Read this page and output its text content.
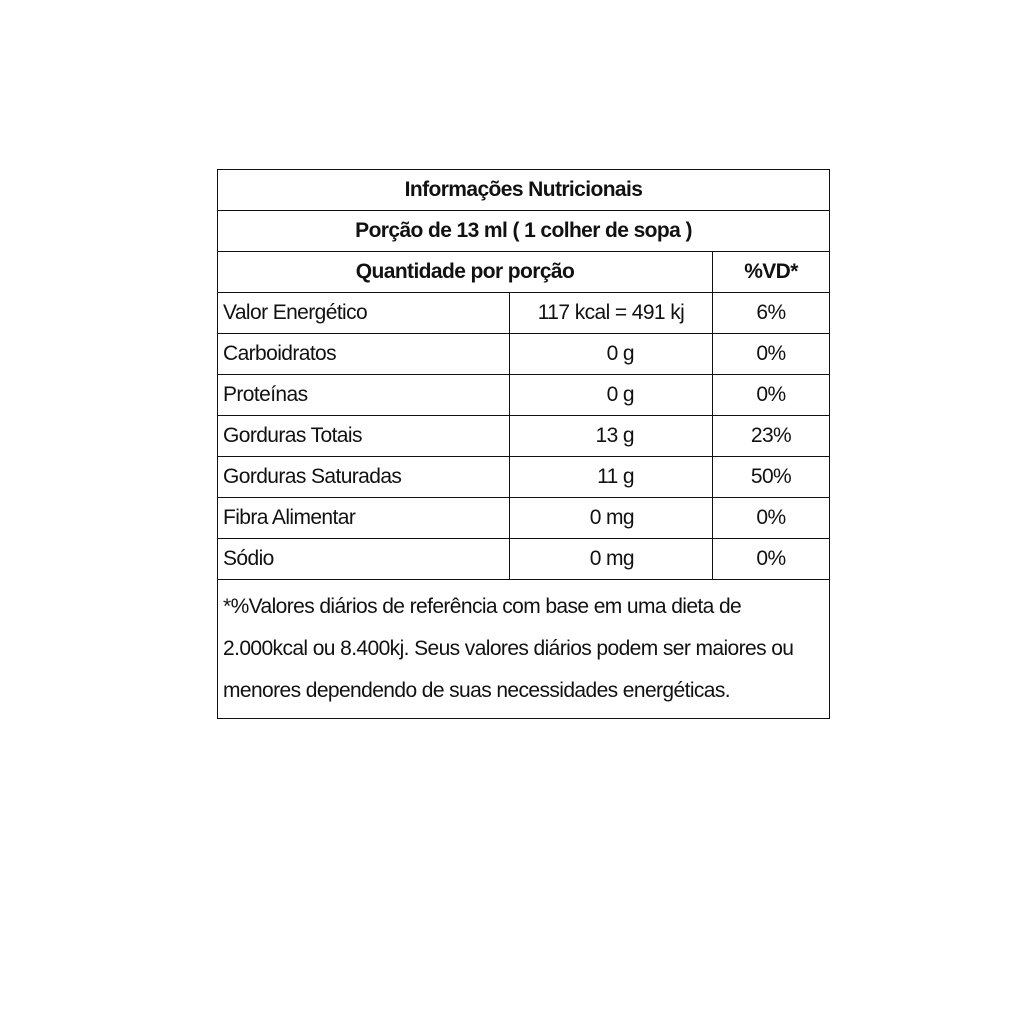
Informações Nutricionais		
Porção de 13 ml ( 1 colher de sopa )		
Quantidade por porção		%VD*
Valor Energético	117 kcal = 491 kj	6%
Carboidratos	0 g	0%
Proteínas	0 g	0%
Gorduras Totais	13 g	23%
Gorduras Saturadas	11 g	50%
Fibra Alimentar	0 mg	0%
Sódio	0 mg	0%
*%Valores diários de referência com base em uma dieta de 2.000kcal ou 8.400kj. Seus valores diários podem ser maiores ou menores dependendo de suas necessidades energéticas.		
